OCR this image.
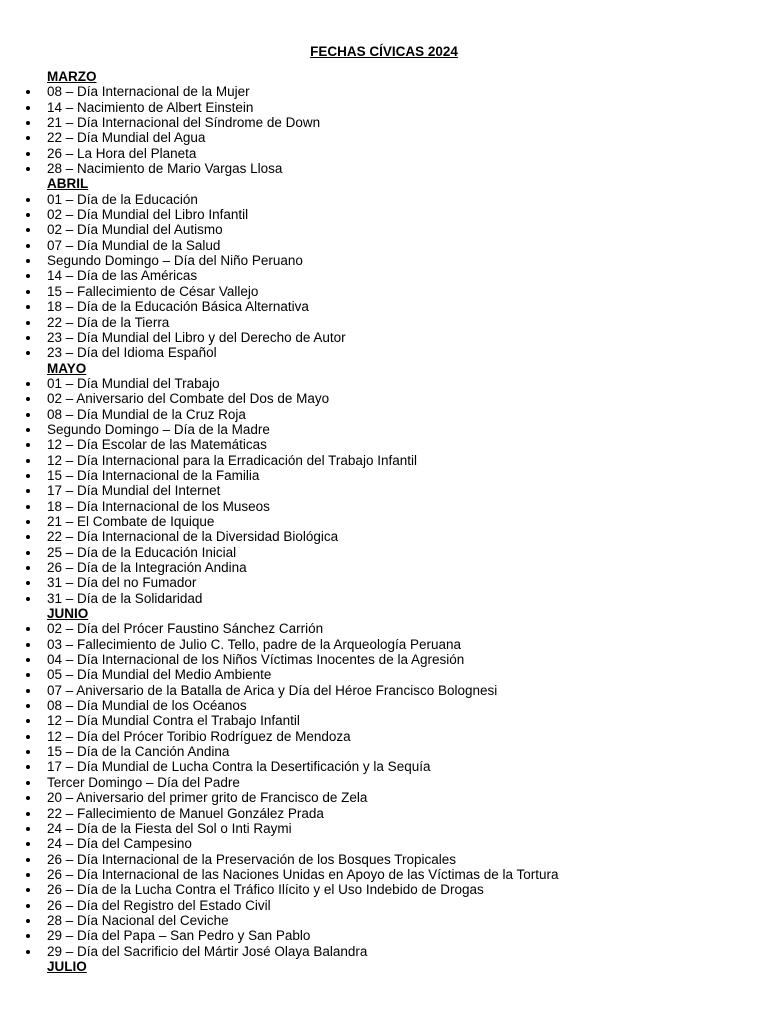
FECHAS CÍVICAS 2024
MARZO
08 – Día Internacional de la Mujer
14 – Nacimiento de Albert Einstein
21 – Día Internacional del Síndrome de Down
22 – Día Mundial del Agua
26 – La Hora del Planeta
28 – Nacimiento de Mario Vargas Llosa
ABRIL
01 – Día de la Educación
02 – Día Mundial del Libro Infantil
02 – Día Mundial del Autismo
07 – Día Mundial de la Salud
Segundo Domingo – Día del Niño Peruano
14 – Día de las Américas
15 – Fallecimiento de César Vallejo
18 – Día de la Educación Básica Alternativa
22 – Día de la Tierra
23 – Día Mundial del Libro y del Derecho de Autor
23 – Día del Idioma Español
MAYO
01 – Día Mundial del Trabajo
02 – Aniversario del Combate del Dos de Mayo
08 – Día Mundial de la Cruz Roja
Segundo Domingo – Día de la Madre
12 – Día Escolar de las Matemáticas
12 – Día Internacional para la Erradicación del Trabajo Infantil
15 – Día Internacional de la Familia
17 – Día Mundial del Internet
18 – Día Internacional de los Museos
21 – El Combate de Iquique
22 – Día Internacional de la Diversidad Biológica
25 – Día de la Educación Inicial
26 – Día de la Integración Andina
31 – Día del no Fumador
31 – Día de la Solidaridad
JUNIO
02 – Día del Prócer Faustino Sánchez Carrión
03 – Fallecimiento de Julio C. Tello, padre de la Arqueología Peruana
04 – Día Internacional de los Niños Víctimas Inocentes de la Agresión
05 – Día Mundial del Medio Ambiente
07 – Aniversario de la Batalla de Arica y Día del Héroe Francisco Bolognesi
08 – Día Mundial de los Océanos
12 – Día Mundial Contra el Trabajo Infantil
12 – Día del Prócer Toribio Rodríguez de Mendoza
15 – Día de la Canción Andina
17 – Día Mundial de Lucha Contra la Desertificación y la Sequía
Tercer Domingo – Día del Padre
20 – Aniversario del primer grito de Francisco de Zela
22 – Fallecimiento de Manuel González Prada
24 – Día de la Fiesta del Sol o Inti Raymi
24 – Día del Campesino
26 – Día Internacional de la Preservación de los Bosques Tropicales
26 – Día Internacional de las Naciones Unidas en Apoyo de las Víctimas de la Tortura
26 – Día de la Lucha Contra el Tráfico Ilícito y el Uso Indebido de Drogas
26 – Día del Registro del Estado Civil
28 – Día Nacional del Ceviche
29 – Día del Papa – San Pedro y San Pablo
29 – Día del Sacrificio del Mártir José Olaya Balandra
JULIO
